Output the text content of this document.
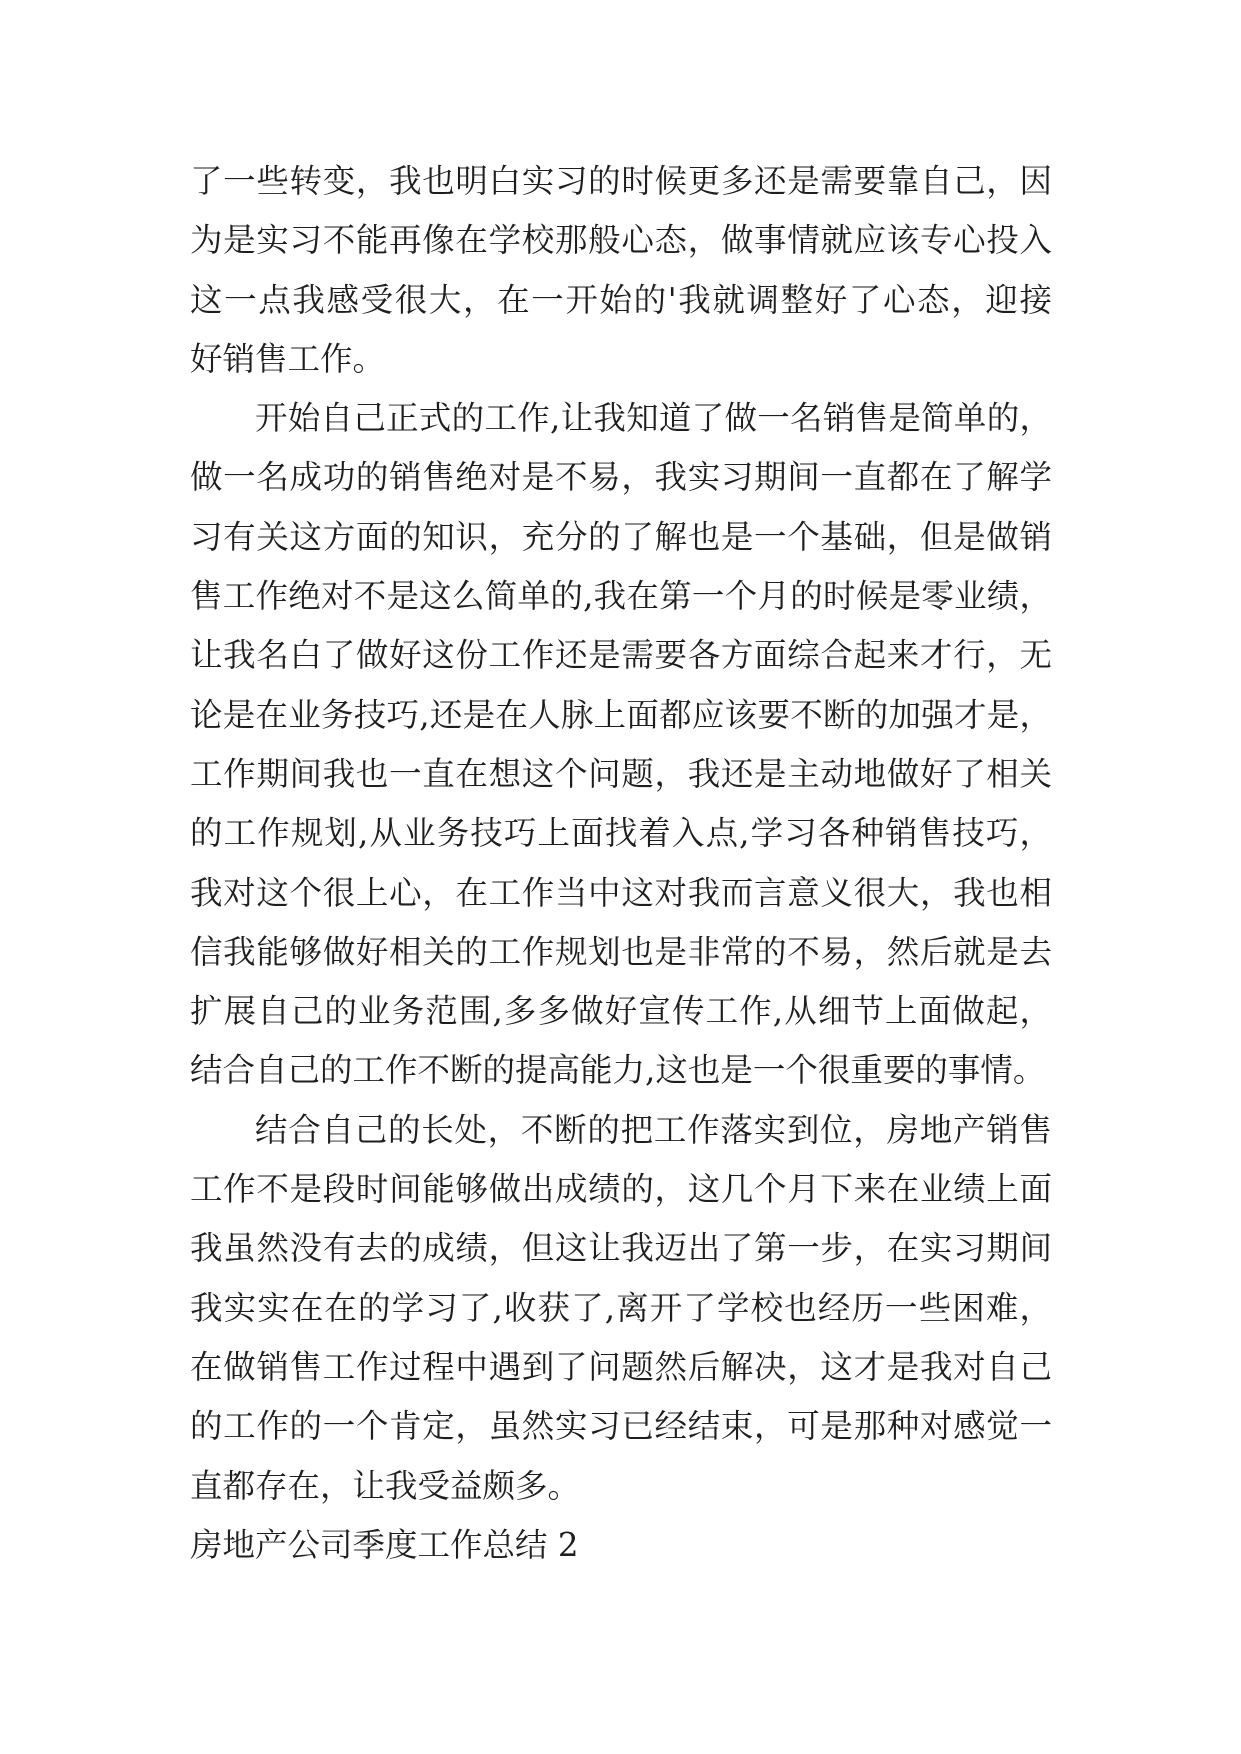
了一些转变，我也明白实习的时候更多还是需要靠自己，因
为是实习不能再像在学校那般心态，做事情就应该专心投入
这一点我感受很大，在一开始的'我就调整好了心态，迎接
好销售工作。
开始自己正式的工作,让我知道了做一名销售是简单的，
做一名成功的销售绝对是不易，我实习期间一直都在了解学
习有关这方面的知识，充分的了解也是一个基础，但是做销
售工作绝对不是这么简单的,我在第一个月的时候是零业绩，
让我名白了做好这份工作还是需要各方面综合起来才行，无
论是在业务技巧,还是在人脉上面都应该要不断的加强才是，
工作期间我也一直在想这个问题，我还是主动地做好了相关
的工作规划,从业务技巧上面找着入点,学习各种销售技巧，
我对这个很上心，在工作当中这对我而言意义很大，我也相
信我能够做好相关的工作规划也是非常的不易，然后就是去
扩展自己的业务范围,多多做好宣传工作,从细节上面做起，
结合自己的工作不断的提高能力,这也是一个很重要的事情。
结合自己的长处，不断的把工作落实到位，房地产销售
工作不是段时间能够做出成绩的，这几个月下来在业绩上面
我虽然没有去的成绩，但这让我迈出了第一步，在实习期间
我实实在在的学习了,收获了,离开了学校也经历一些困难，
在做销售工作过程中遇到了问题然后解决，这才是我对自己
的工作的一个肯定，虽然实习已经结束，可是那种对感觉一
直都存在，让我受益颇多。
房地产公司季度工作总结 2
